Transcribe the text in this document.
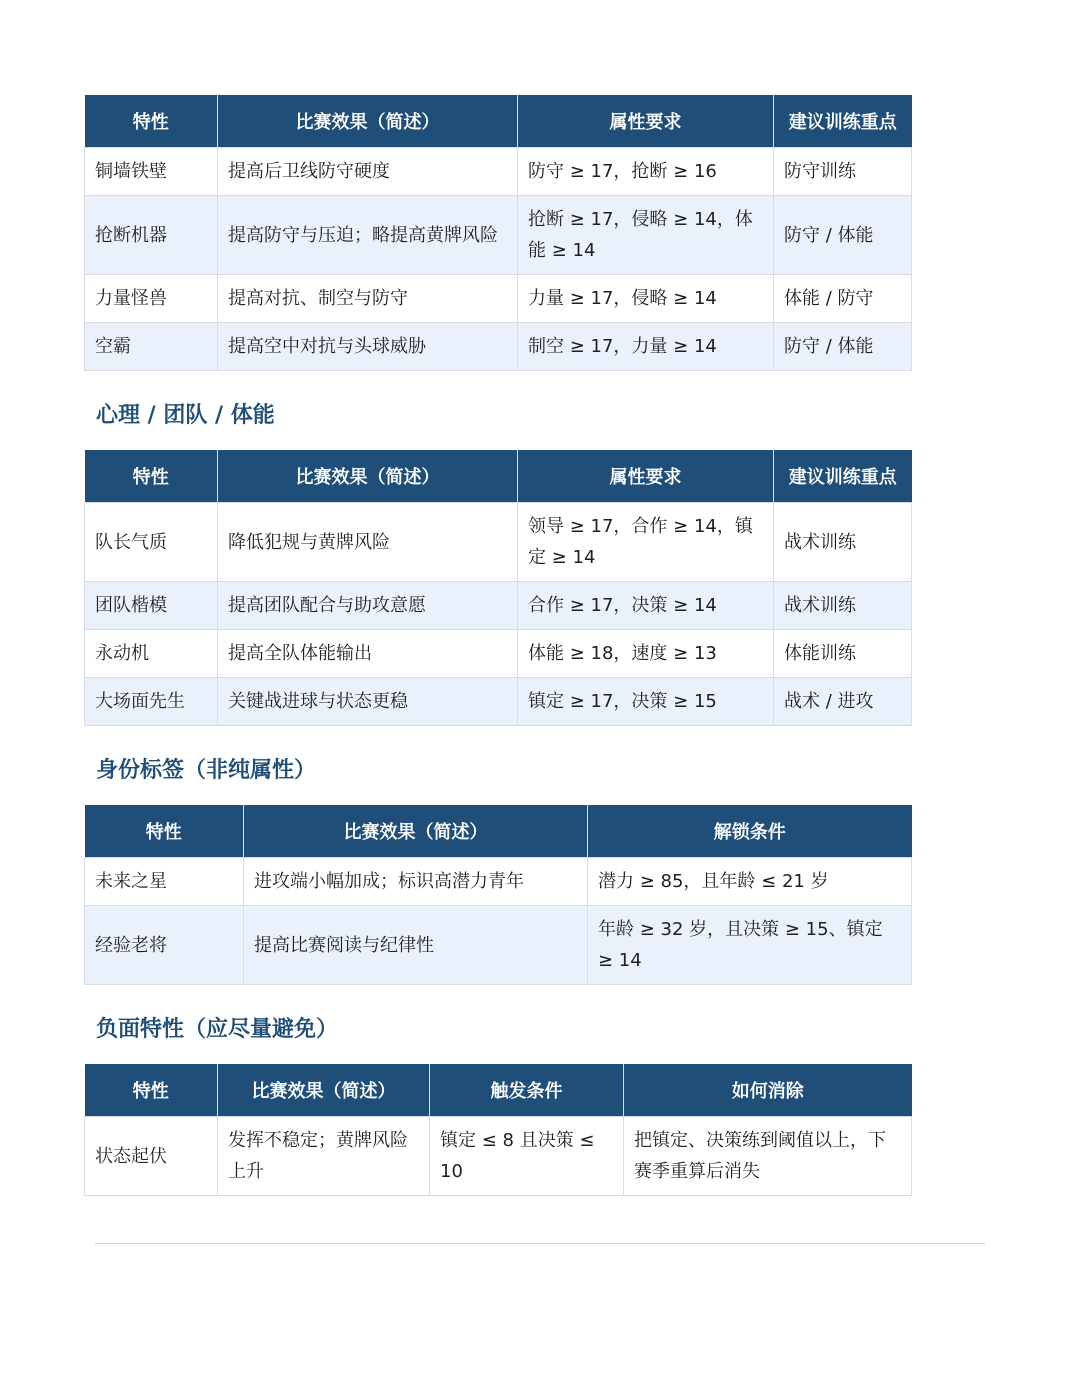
特性	比赛效果（简述）	属性要求	建议训练重点
铜墙铁壁	提高后卫线防守硬度	防守 ≥ 17，抢断 ≥ 16	防守训练
抢断机器	提高防守与压迫；略提高黄牌风险	抢断 ≥ 17，侵略 ≥ 14，体能 ≥ 14	防守 / 体能
力量怪兽	提高对抗、制空与防守	力量 ≥ 17，侵略 ≥ 14	体能 / 防守
空霸	提高空中对抗与头球威胁	制空 ≥ 17，力量 ≥ 14	防守 / 体能
心理 / 团队 / 体能
特性	比赛效果（简述）	属性要求	建议训练重点
队长气质	降低犯规与黄牌风险	领导 ≥ 17，合作 ≥ 14，镇定 ≥ 14	战术训练
团队楷模	提高团队配合与助攻意愿	合作 ≥ 17，决策 ≥ 14	战术训练
永动机	提高全队体能输出	体能 ≥ 18，速度 ≥ 13	体能训练
大场面先生	关键战进球与状态更稳	镇定 ≥ 17，决策 ≥ 15	战术 / 进攻
身份标签（非纯属性）
特性	比赛效果（简述）	解锁条件
未来之星	进攻端小幅加成；标识高潜力青年	潜力 ≥ 85，且年龄 ≤ 21 岁
经验老将	提高比赛阅读与纪律性	年龄 ≥ 32 岁，且决策 ≥ 15、镇定 ≥ 14
负面特性（应尽量避免）
特性	比赛效果（简述）	触发条件	如何消除
状态起伏	发挥不稳定；黄牌风险上升	镇定 ≤ 8 且决策 ≤ 10	把镇定、决策练到阈值以上，下赛季重算后消失
